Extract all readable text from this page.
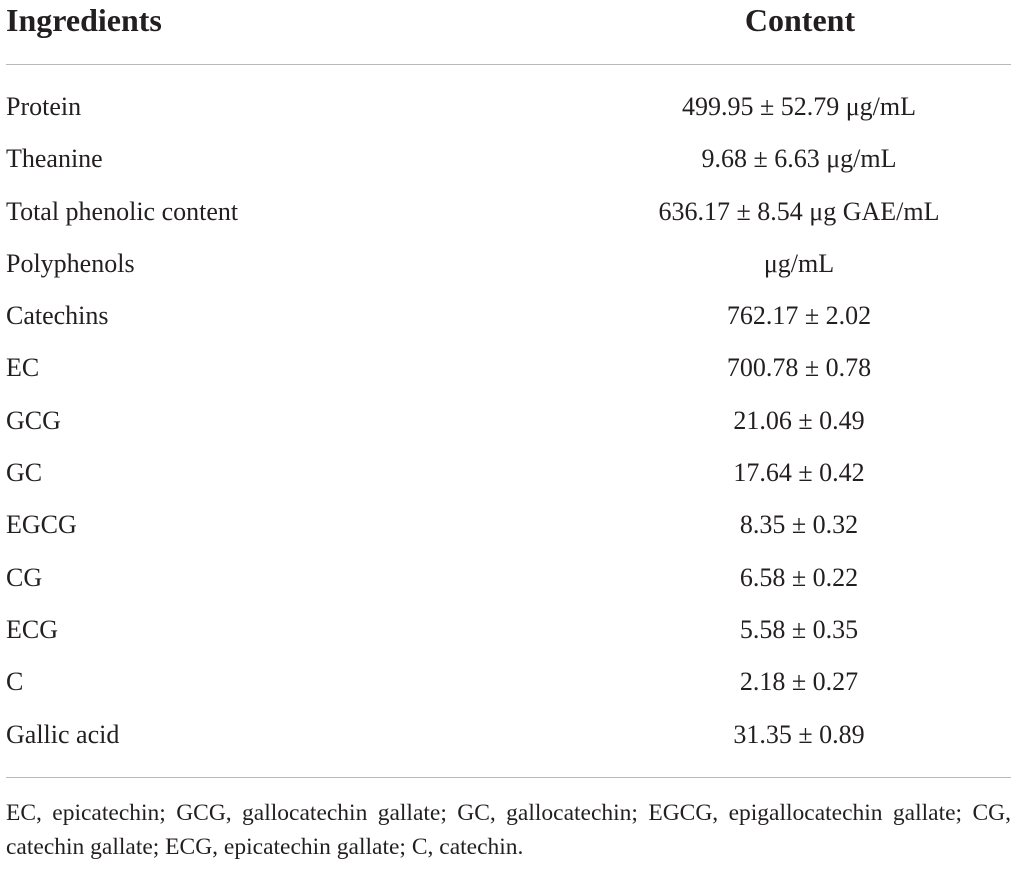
Ingredients	Content
Protein	499.95 ± 52.79 μg/mL
Theanine	9.68 ± 6.63 μg/mL
Total phenolic content	636.17 ± 8.54 μg GAE/mL
Polyphenols	μg/mL
Catechins	762.17 ± 2.02
EC	700.78 ± 0.78
GCG	21.06 ± 0.49
GC	17.64 ± 0.42
EGCG	8.35 ± 0.32
CG	6.58 ± 0.22
ECG	5.58 ± 0.35
C	2.18 ± 0.27
Gallic acid	31.35 ± 0.89
EC, epicatechin; GCG, gallocatechin gallate; GC, gallocatechin; EGCG, epigallocatechin gallate; CG, catechin gallate; ECG, epicatechin gallate; C, catechin.
